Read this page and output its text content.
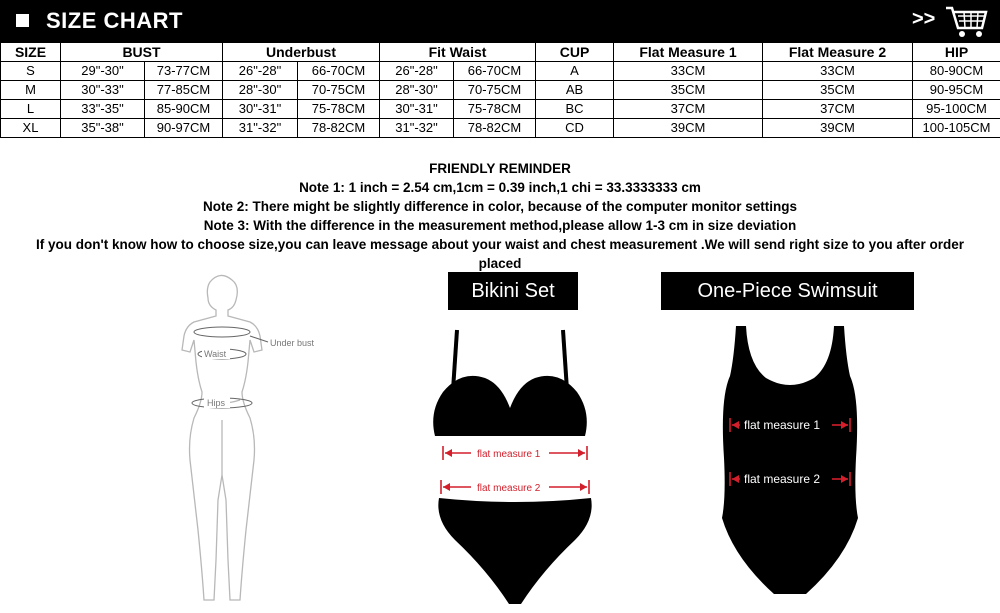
SIZE CHART	>>
SIZE	BUST		Underbust		Fit Waist		CUP	Flat Measure 1	Flat Measure 2	HIP
S	29"-30"	73-77CM	26"-28"	66-70CM	26"-28"	66-70CM	A	33CM	33CM	80-90CM
M	30"-33"	77-85CM	28"-30"	70-75CM	28"-30"	70-75CM	AB	35CM	35CM	90-95CM
L	33"-35"	85-90CM	30"-31"	75-78CM	30"-31"	75-78CM	BC	37CM	37CM	95-100CM
XL	35"-38"	90-97CM	31"-32"	78-82CM	31"-32"	78-82CM	CD	39CM	39CM	100-105CM
FRIENDLY REMINDER
Note 1: 1 inch = 2.54 cm,1cm = 0.39 inch,1 chi = 33.3333333 cm
Note 2: There might be slightly difference in color, because of the computer monitor settings
Note 3: With the difference in the measurement method,please allow 1-3 cm in size deviation
If you don't know how to choose size,you can leave message about your waist and chest measurement .We will send right size to you after order
placed
Under bust
Waist
Hips
Bikini Set
flat measure 1
flat measure 2
One-Piece Swimsuit
flat measure 1
flat measure 2
